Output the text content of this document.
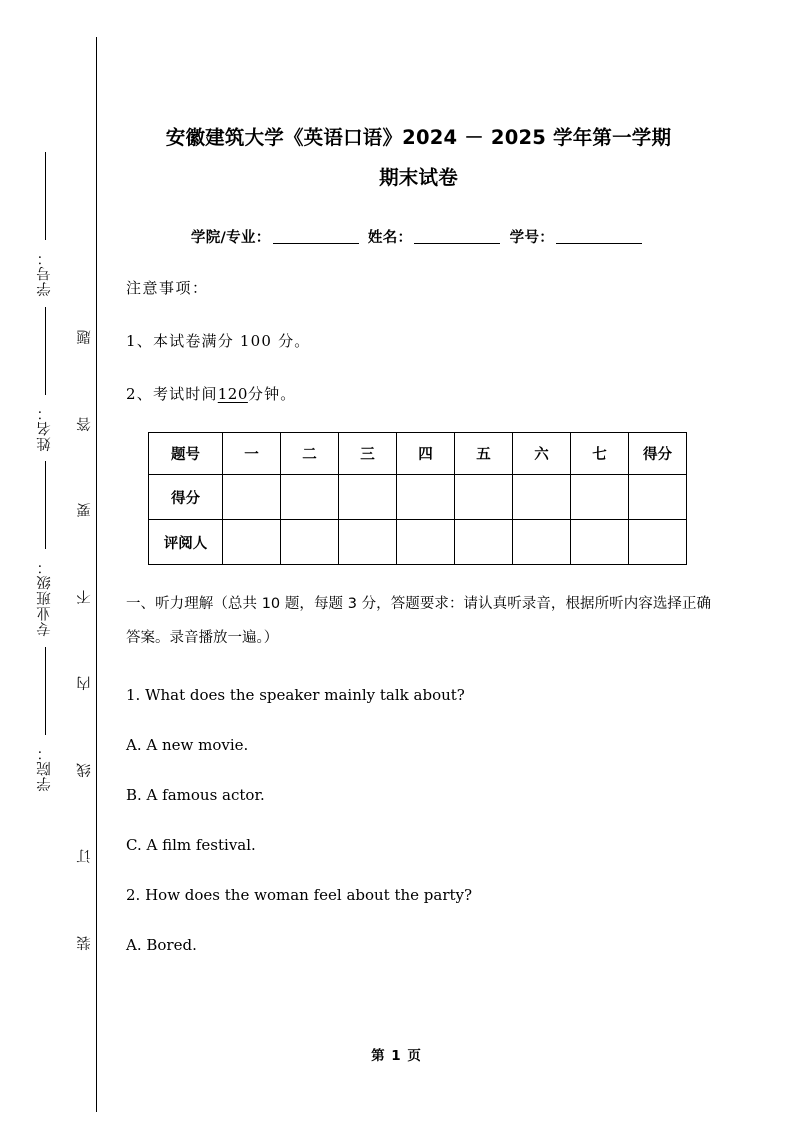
学号：
姓名：
专业班级：
学院：
题
答
要
不
内
线
订
装
安徽建筑大学《英语口语》2024 － 2025 学年第一学期
期末试卷

学院/专业：	姓名：	学号：

注意事项：

1、本试卷满分 100 分。

2、考试时间120分钟。

题号	一	二	三	四	五	六	七	得分
得分								
评阅人								

一、听力理解（总共 10 题，每题 3 分，答题要求：请认真听录音，根据所听内容选择正确答案。录音播放一遍。）

1. What does the speaker mainly talk about?

A. A new movie.

B. A famous actor.

C. A film festival.

2. How does the woman feel about the party?

A. Bored.

第 1 页
